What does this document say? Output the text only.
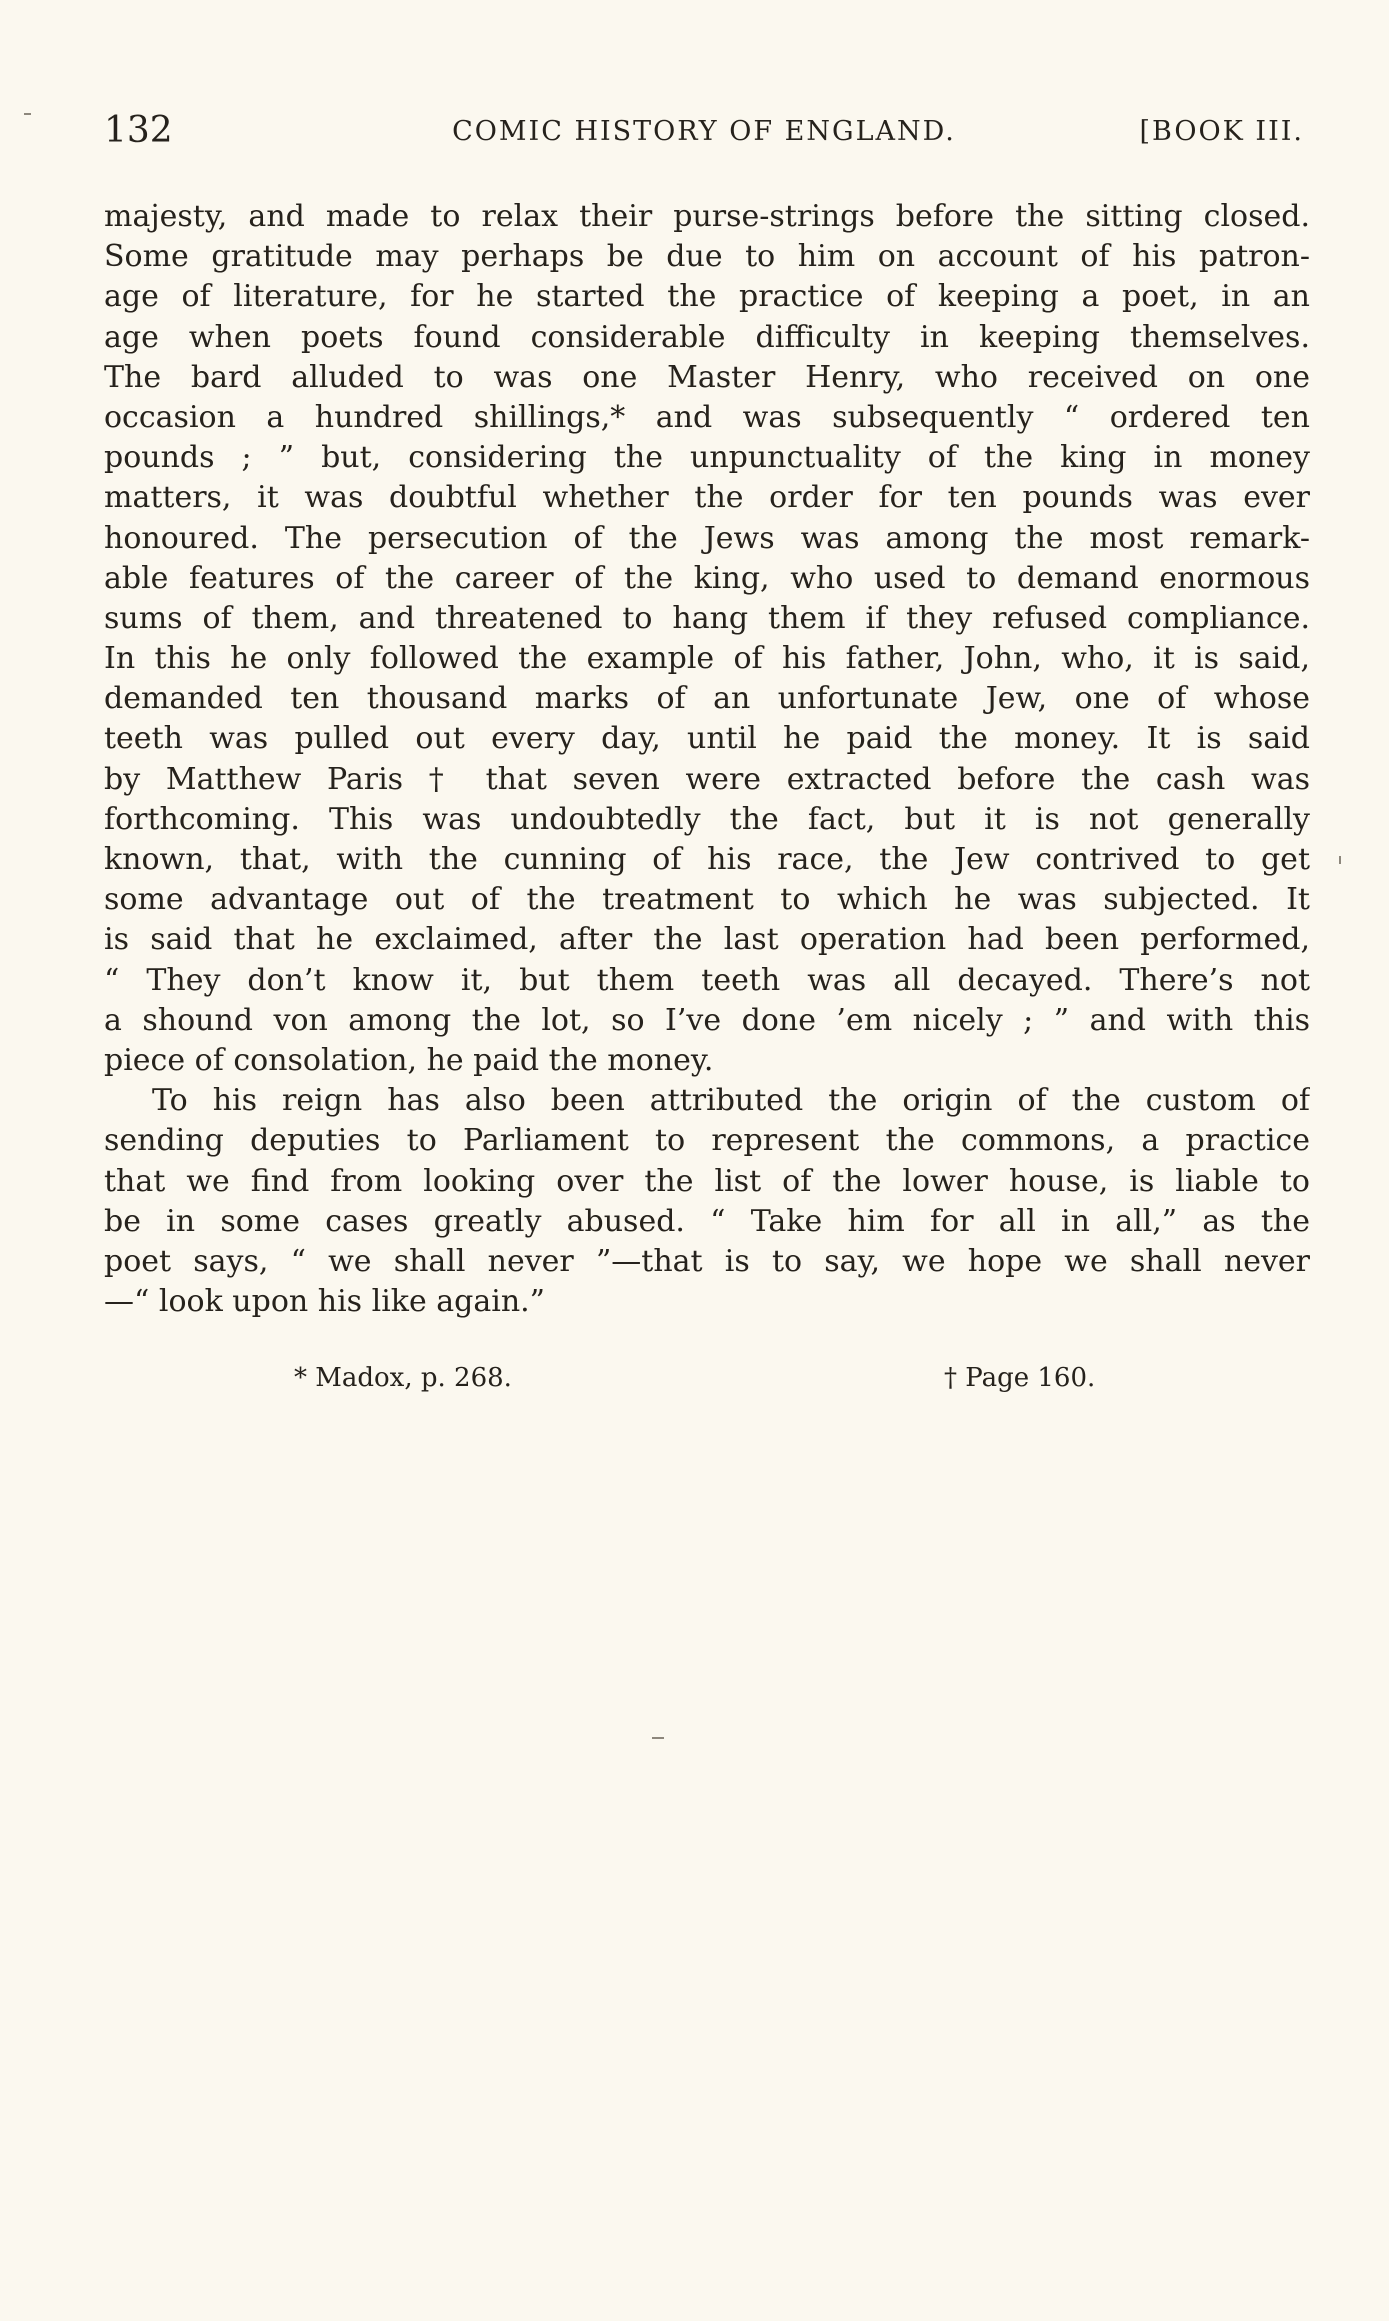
132	COMIC HISTORY OF ENGLAND.	[BOOK III.
majesty, and made to relax their purse-strings before the sitting closed.
Some gratitude may perhaps be due to him on account of his patron-
age of literature, for he started the practice of keeping a poet, in an
age when poets found considerable difficulty in keeping themselves.
The bard alluded to was one Master Henry, who received on one
occasion a hundred shillings,* and was subsequently “ ordered ten
pounds ; ” but, considering the unpunctuality of the king in money
matters, it was doubtful whether the order for ten pounds was ever
honoured. The persecution of the Jews was among the most remark-
able features of the career of the king, who used to demand enormous
sums of them, and threatened to hang them if they refused compliance.
In this he only followed the example of his father, John, who, it is said,
demanded ten thousand marks of an unfortunate Jew, one of whose
teeth was pulled out every day, until he paid the money. It is said
by Matthew Paris † that seven were extracted before the cash was
forthcoming. This was undoubtedly the fact, but it is not generally
known, that, with the cunning of his race, the Jew contrived to get
some advantage out of the treatment to which he was subjected. It
is said that he exclaimed, after the last operation had been performed,
“ They don’t know it, but them teeth was all decayed. There’s not
a shound von among the lot, so I’ve done ’em nicely ; ” and with this
piece of consolation, he paid the money.
To his reign has also been attributed the origin of the custom of
sending deputies to Parliament to represent the commons, a practice
that we find from looking over the list of the lower house, is liable to
be in some cases greatly abused. “ Take him for all in all,” as the
poet says, “ we shall never ”—that is to say, we hope we shall never
—“ look upon his like again.”
* Madox, p. 268.	† Page 160.
